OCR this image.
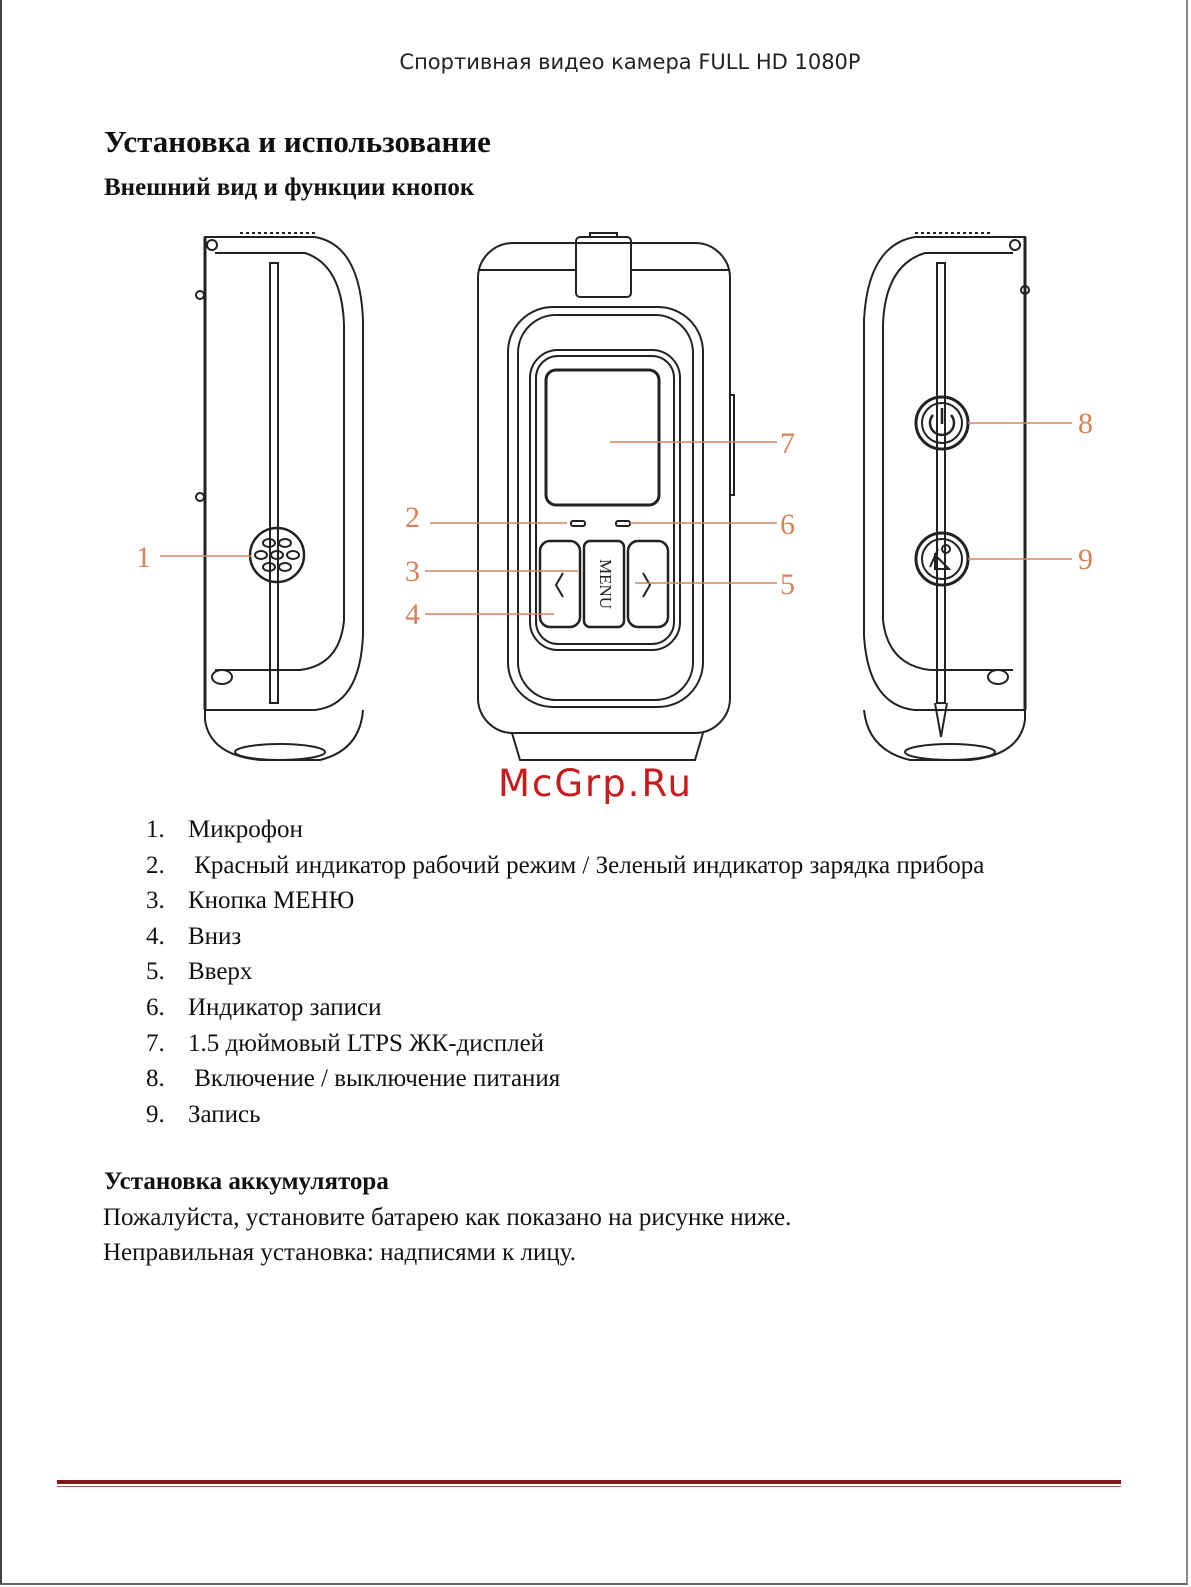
Спортивная видео камера FULL HD 1080P
Установка и использование
Внешний вид и функции кнопок
MENU
1
2
3
4
5
6
7
8
9
McGrp.Ru
1. Микрофон
2. Красный индикатор рабочий режим / Зеленый индикатор зарядка прибора
3. Кнопка МЕНЮ
4. Вниз
5. Вверх
6. Индикатор записи
7. 1.5 дюймовый LTPS ЖК-дисплей
8. Включение / выключение питания
9. Запись
Установка аккумулятора

Пожалуйста, установите батарею как показано на рисунке ниже.

Неправильная установка: надписями к лицу.
